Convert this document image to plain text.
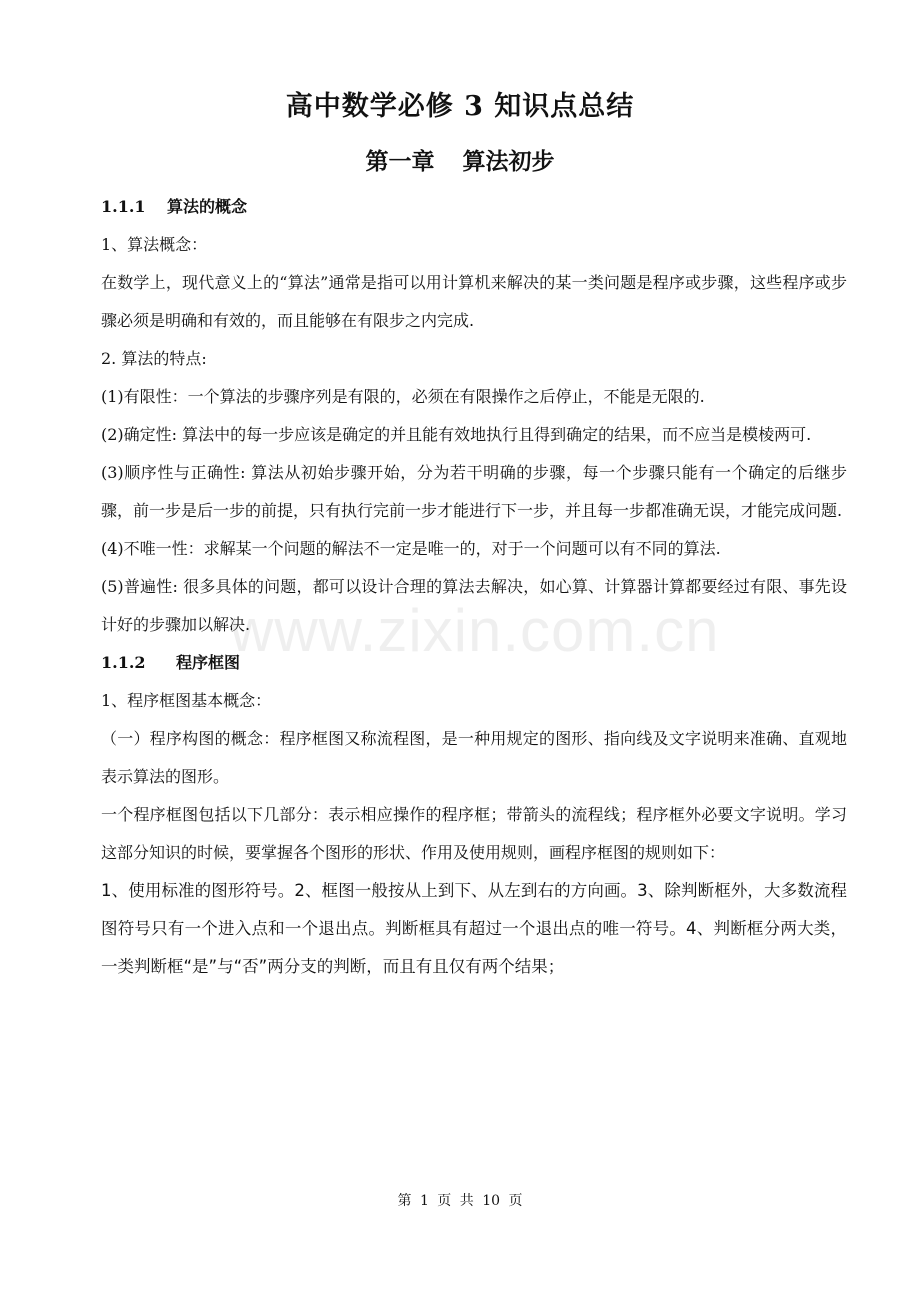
高中数学必修 3 知识点总结
第一章 算法初步

1.1.1 算法的概念

1、算法概念：

在数学上，现代意义上的“算法”通常是指可以用计算机来解决的某一类问题是程序或步骤，这些程序或步骤必须是明确和有效的，而且能够在有限步之内完成.

2. 算法的特点:

(1)有限性：一个算法的步骤序列是有限的，必须在有限操作之后停止，不能是无限的.

(2)确定性: 算法中的每一步应该是确定的并且能有效地执行且得到确定的结果，而不应当是模棱两可.

(3)顺序性与正确性: 算法从初始步骤开始，分为若干明确的步骤，每一个步骤只能有一个确定的后继步骤，前一步是后一步的前提，只有执行完前一步才能进行下一步，并且每一步都准确无误，才能完成问题.

(4)不唯一性：求解某一个问题的解法不一定是唯一的，对于一个问题可以有不同的算法.

(5)普遍性: 很多具体的问题，都可以设计合理的算法去解决，如心算、计算器计算都要经过有限、事先设计好的步骤加以解决.

1.1.2 程序框图

1、程序框图基本概念：

（一）程序构图的概念：程序框图又称流程图，是一种用规定的图形、指向线及文字说明来准确、直观地表示算法的图形。

一个程序框图包括以下几部分：表示相应操作的程序框；带箭头的流程线；程序框外必要文字说明。学习这部分知识的时候，要掌握各个图形的形状、作用及使用规则，画程序框图的规则如下：

1、使用标准的图形符号。2、框图一般按从上到下、从左到右的方向画。3、除判断框外，大多数流程图符号只有一个进入点和一个退出点。判断框具有超过一个退出点的唯一符号。4、判断框分两大类，一类判断框“是”与“否”两分支的判断，而且有且仅有两个结果；

www.zixin.com.cn
第 1 页 共 10 页
